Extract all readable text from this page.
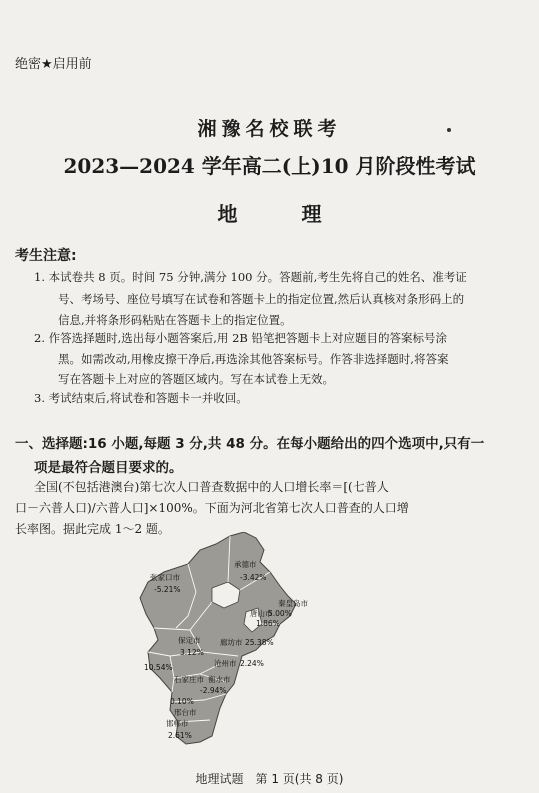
绝密★启用前
湘豫名校联考
2023—2024 学年高二(上)10 月阶段性考试
地　理
考生注意:
1. 本试卷共 8 页。时间 75 分钟,满分 100 分。答题前,考生先将自己的姓名、准考证
号、考场号、座位号填写在试卷和答题卡上的指定位置,然后认真核对条形码上的
信息,并将条形码粘贴在答题卡上的指定位置。
2. 作答选择题时,选出每小题答案后,用 2B 铅笔把答题卡上对应题目的答案标号涂
黑。如需改动,用橡皮擦干净后,再选涂其他答案标号。作答非选择题时,将答案
写在答题卡上对应的答题区域内。写在本试卷上无效。
3. 考试结束后,将试卷和答题卡一并收回。
一、选择题:16 小题,每题 3 分,共 48 分。在每小题给出的四个选项中,只有一
项是最符合题目要求的。
全国(不包括港澳台)第七次人口普查数据中的人口增长率＝[(七普人
口－六普人口)/六普人口]×100%。下面为河北省第七次人口普查的人口增
长率图。据此完成 1～2 题。
张家口市
-5.21%
承德市
-3.42%
秦皇岛市
唐山市
5.00%
1.86%
廊坊市 25.38%
保定市
3.12%
沧州市 2.24%
10.54%
石家庄市 衡水市
-2.94%
0.10%
邢台市
邯郸市
2.61%
地理试题　第 1 页(共 8 页)
